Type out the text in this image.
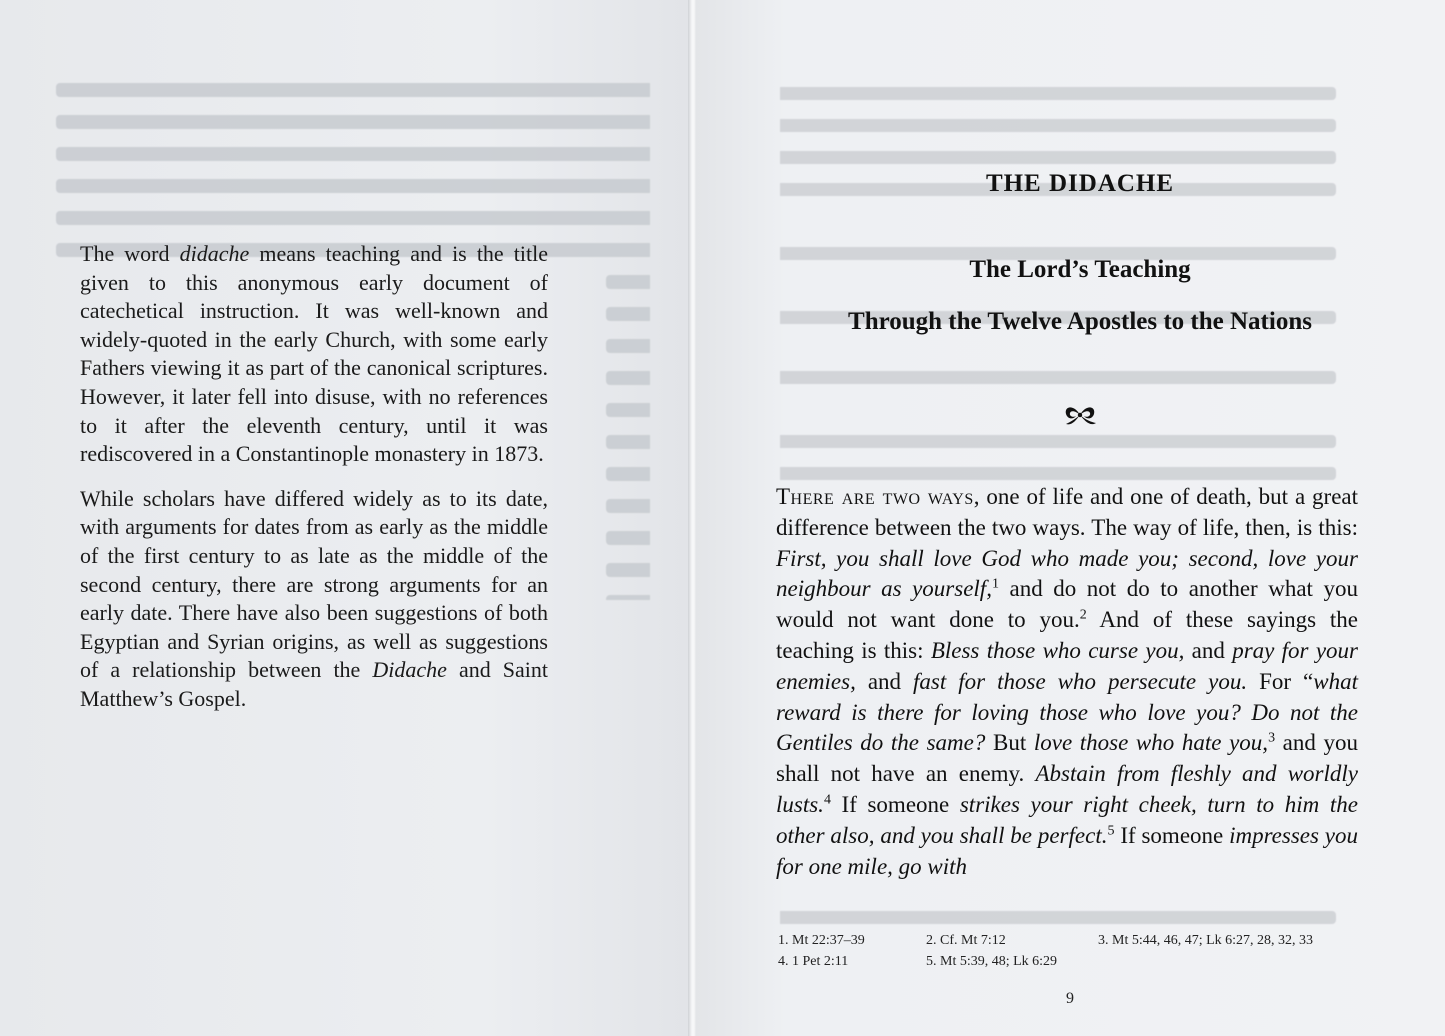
The word didache means teaching and is the title given to this anonymous early document of catechetical instruction. It was well-known and widely-quoted in the early Church, with some early Fathers viewing it as part of the canonical scriptures. However, it later fell into disuse, with no references to it after the eleventh century, until it was rediscovered in a Constantinople monastery in 1873.

While scholars have differed widely as to its date, with arguments for dates from as early as the middle of the first century to as late as the middle of the second century, there are strong arguments for an early date. There have also been suggestions of both Egyptian and Syrian origins, as well as suggestions of a relationship between the Didache and Saint Matthew’s Gospel.

THE DIDACHE
The Lord’s Teaching
Through the Twelve Apostles to the Nations
There are two ways, one of life and one of death, but a great difference between the two ways. The way of life, then, is this: First, you shall love God who made you; second, love your neighbour as yourself,$^1$ and do not do to another what you would not want done to you.$^2$ And of these sayings the teaching is this: Bless those who curse you, and pray for your enemies, and fast for those who persecute you. For “what reward is there for loving those who love you? Do not the Gentiles do the same? But love those who hate you,$^3$ and you shall not have an enemy. Abstain from fleshly and worldly lusts.$^4$ If someone strikes your right cheek, turn to him the other also, and you shall be perfect.$^5$ If someone impresses you for one mile, go with
1. Mt 22:37–39	2. Cf. Mt 7:12	3. Mt 5:44, 46, 47; Lk 6:27, 28, 32, 33
4. 1 Pet 2:11	5. Mt 5:39, 48; Lk 6:29
9
